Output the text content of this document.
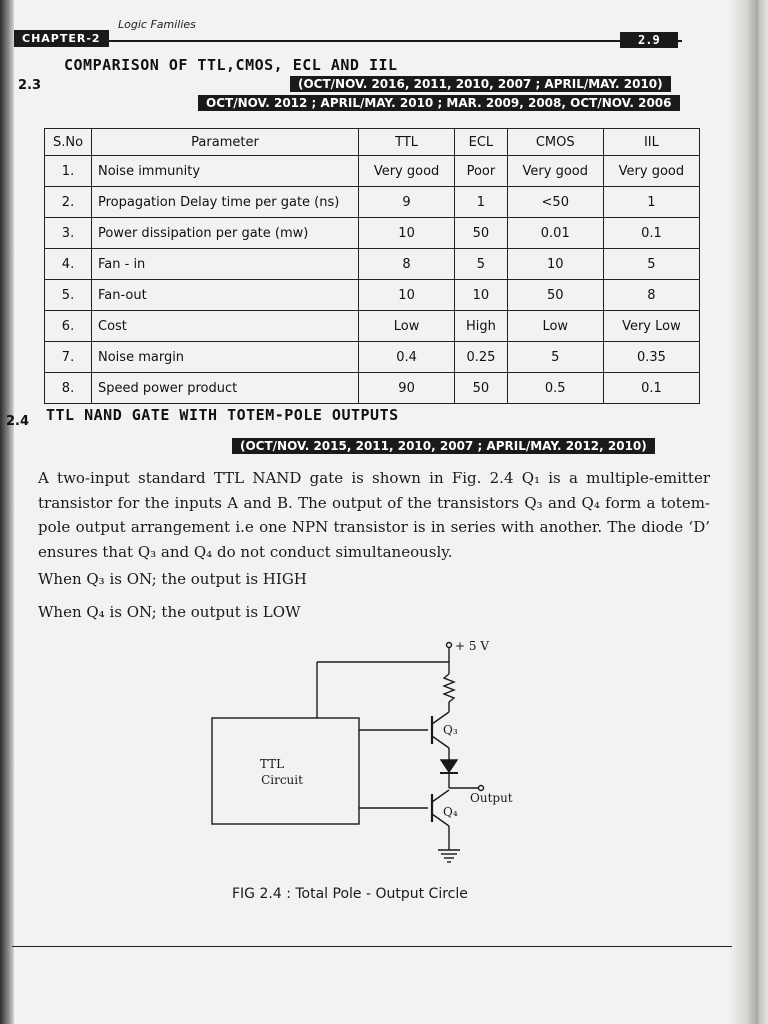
Logic Families
CHAPTER-2	2.9
2.3
COMPARISON OF TTL,CMOS, ECL AND IIL
(OCT/NOV. 2016, 2011, 2010, 2007 ; APRIL/MAY. 2010)
OCT/NOV. 2012 ; APRIL/MAY. 2010 ; MAR. 2009, 2008, OCT/NOV. 2006
S.No	Parameter	TTL	ECL	CMOS	IIL
1.	Noise immunity	Very good	Poor	Very good	Very good
2.	Propagation Delay time per gate (ns)	9	1	<50	1
3.	Power dissipation per gate (mw)	10	50	0.01	0.1
4.	Fan - in	8	5	10	5
5.	Fan-out	10	10	50	8
6.	Cost	Low	High	Low	Very Low
7.	Noise margin	0.4	0.25	5	0.35
8.	Speed power product	90	50	0.5	0.1
2.4 TTL NAND GATE WITH TOTEM-POLE OUTPUTS
(OCT/NOV. 2015, 2011, 2010, 2007 ; APRIL/MAY. 2012, 2010)
A two-input standard TTL NAND gate is shown in Fig. 2.4 Q₁ is a multiple-emitter transistor for the inputs A and B. The output of the transistors Q₃ and Q₄ form a totem-pole output arrangement i.e one NPN transistor is in series with another. The diode ‘D’ ensures that Q₃ and Q₄ do not conduct simultaneously.
When Q₃ is ON; the output is HIGH
When Q₄ is ON; the output is LOW
+ 5 V
Q₃
Q₄
Output
TTL
Circuit
FIG 2.4 : Total Pole - Output Circle
